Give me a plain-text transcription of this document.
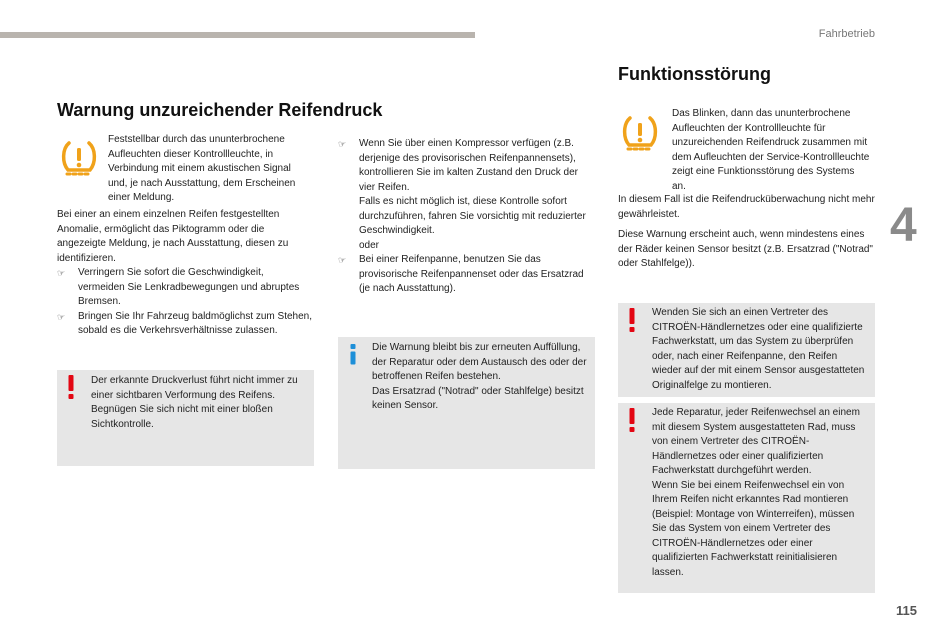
Fahrbetrieb
4
115
Warnung unzureichender Reifendruck
Feststellbar durch das ununterbrochene Aufleuchten dieser Kontrollleuchte, in Verbindung mit einem akustischen Signal und, je nach Ausstattung, dem Erscheinen einer Meldung.

Bei einer an einem einzelnen Reifen festgestellten Anomalie, ermöglicht das Piktogramm oder die angezeigte Meldung, je nach Ausstattung, diesen zu identifizieren.

☞ Verringern Sie sofort die Geschwindigkeit, vermeiden Sie Lenkradbewegungen und abruptes Bremsen.
☞ Bringen Sie Ihr Fahrzeug baldmöglichst zum Stehen, sobald es die Verkehrsverhältnisse zulassen.
Der erkannte Druckverlust führt nicht immer zu einer sichtbaren Verformung des Reifens. Begnügen Sie sich nicht mit einer bloßen Sichtkontrolle.
☞ Wenn Sie über einen Kompressor verfügen (z.B. derjenige des provisorischen Reifenpannensets), kontrollieren Sie im kalten Zustand den Druck der vier Reifen.
Falls es nicht möglich ist, diese Kontrolle sofort durchzuführen, fahren Sie vorsichtig mit reduzierter Geschwindigkeit.
oder
☞ Bei einer Reifenpanne, benutzen Sie das provisorische Reifenpannenset oder das Ersatzrad (je nach Ausstattung).

Die Warnung bleibt bis zur erneuten Auffüllung, der Reparatur oder dem Austausch des oder der betroffenen Reifen bestehen.

Das Ersatzrad ("Notrad" oder Stahlfelge) besitzt keinen Sensor.

Funktionsstörung
Das Blinken, dann das ununterbrochene Aufleuchten der Kontrollleuchte für unzureichenden Reifendruck zusammen mit dem Aufleuchten der Service-Kontrollleuchte zeigt eine Funktionsstörung des Systems an.

In diesem Fall ist die Reifendrucküberwachung nicht mehr gewährleistet.

Diese Warnung erscheint auch, wenn mindestens eines der Räder keinen Sensor besitzt (z.B. Ersatzrad ("Notrad" oder Stahlfelge)).

Wenden Sie sich an einen Vertreter des CITROËN-Händlernetzes oder eine qualifizierte Fachwerkstatt, um das System zu überprüfen oder, nach einer Reifenpanne, den Reifen wieder auf der mit einem Sensor ausgestatteten Originalfelge zu montieren.

Jede Reparatur, jeder Reifenwechsel an einem mit diesem System ausgestatteten Rad, muss von einem Vertreter des CITROËN-Händlernetzes oder einer qualifizierten Fachwerkstatt durchgeführt werden.

Wenn Sie bei einem Reifenwechsel ein von Ihrem Reifen nicht erkanntes Rad montieren (Beispiel: Montage von Winterreifen), müssen Sie das System von einem Vertreter des CITROËN-Händlernetzes oder einer qualifizierten Fachwerkstatt reinitialisieren lassen.
